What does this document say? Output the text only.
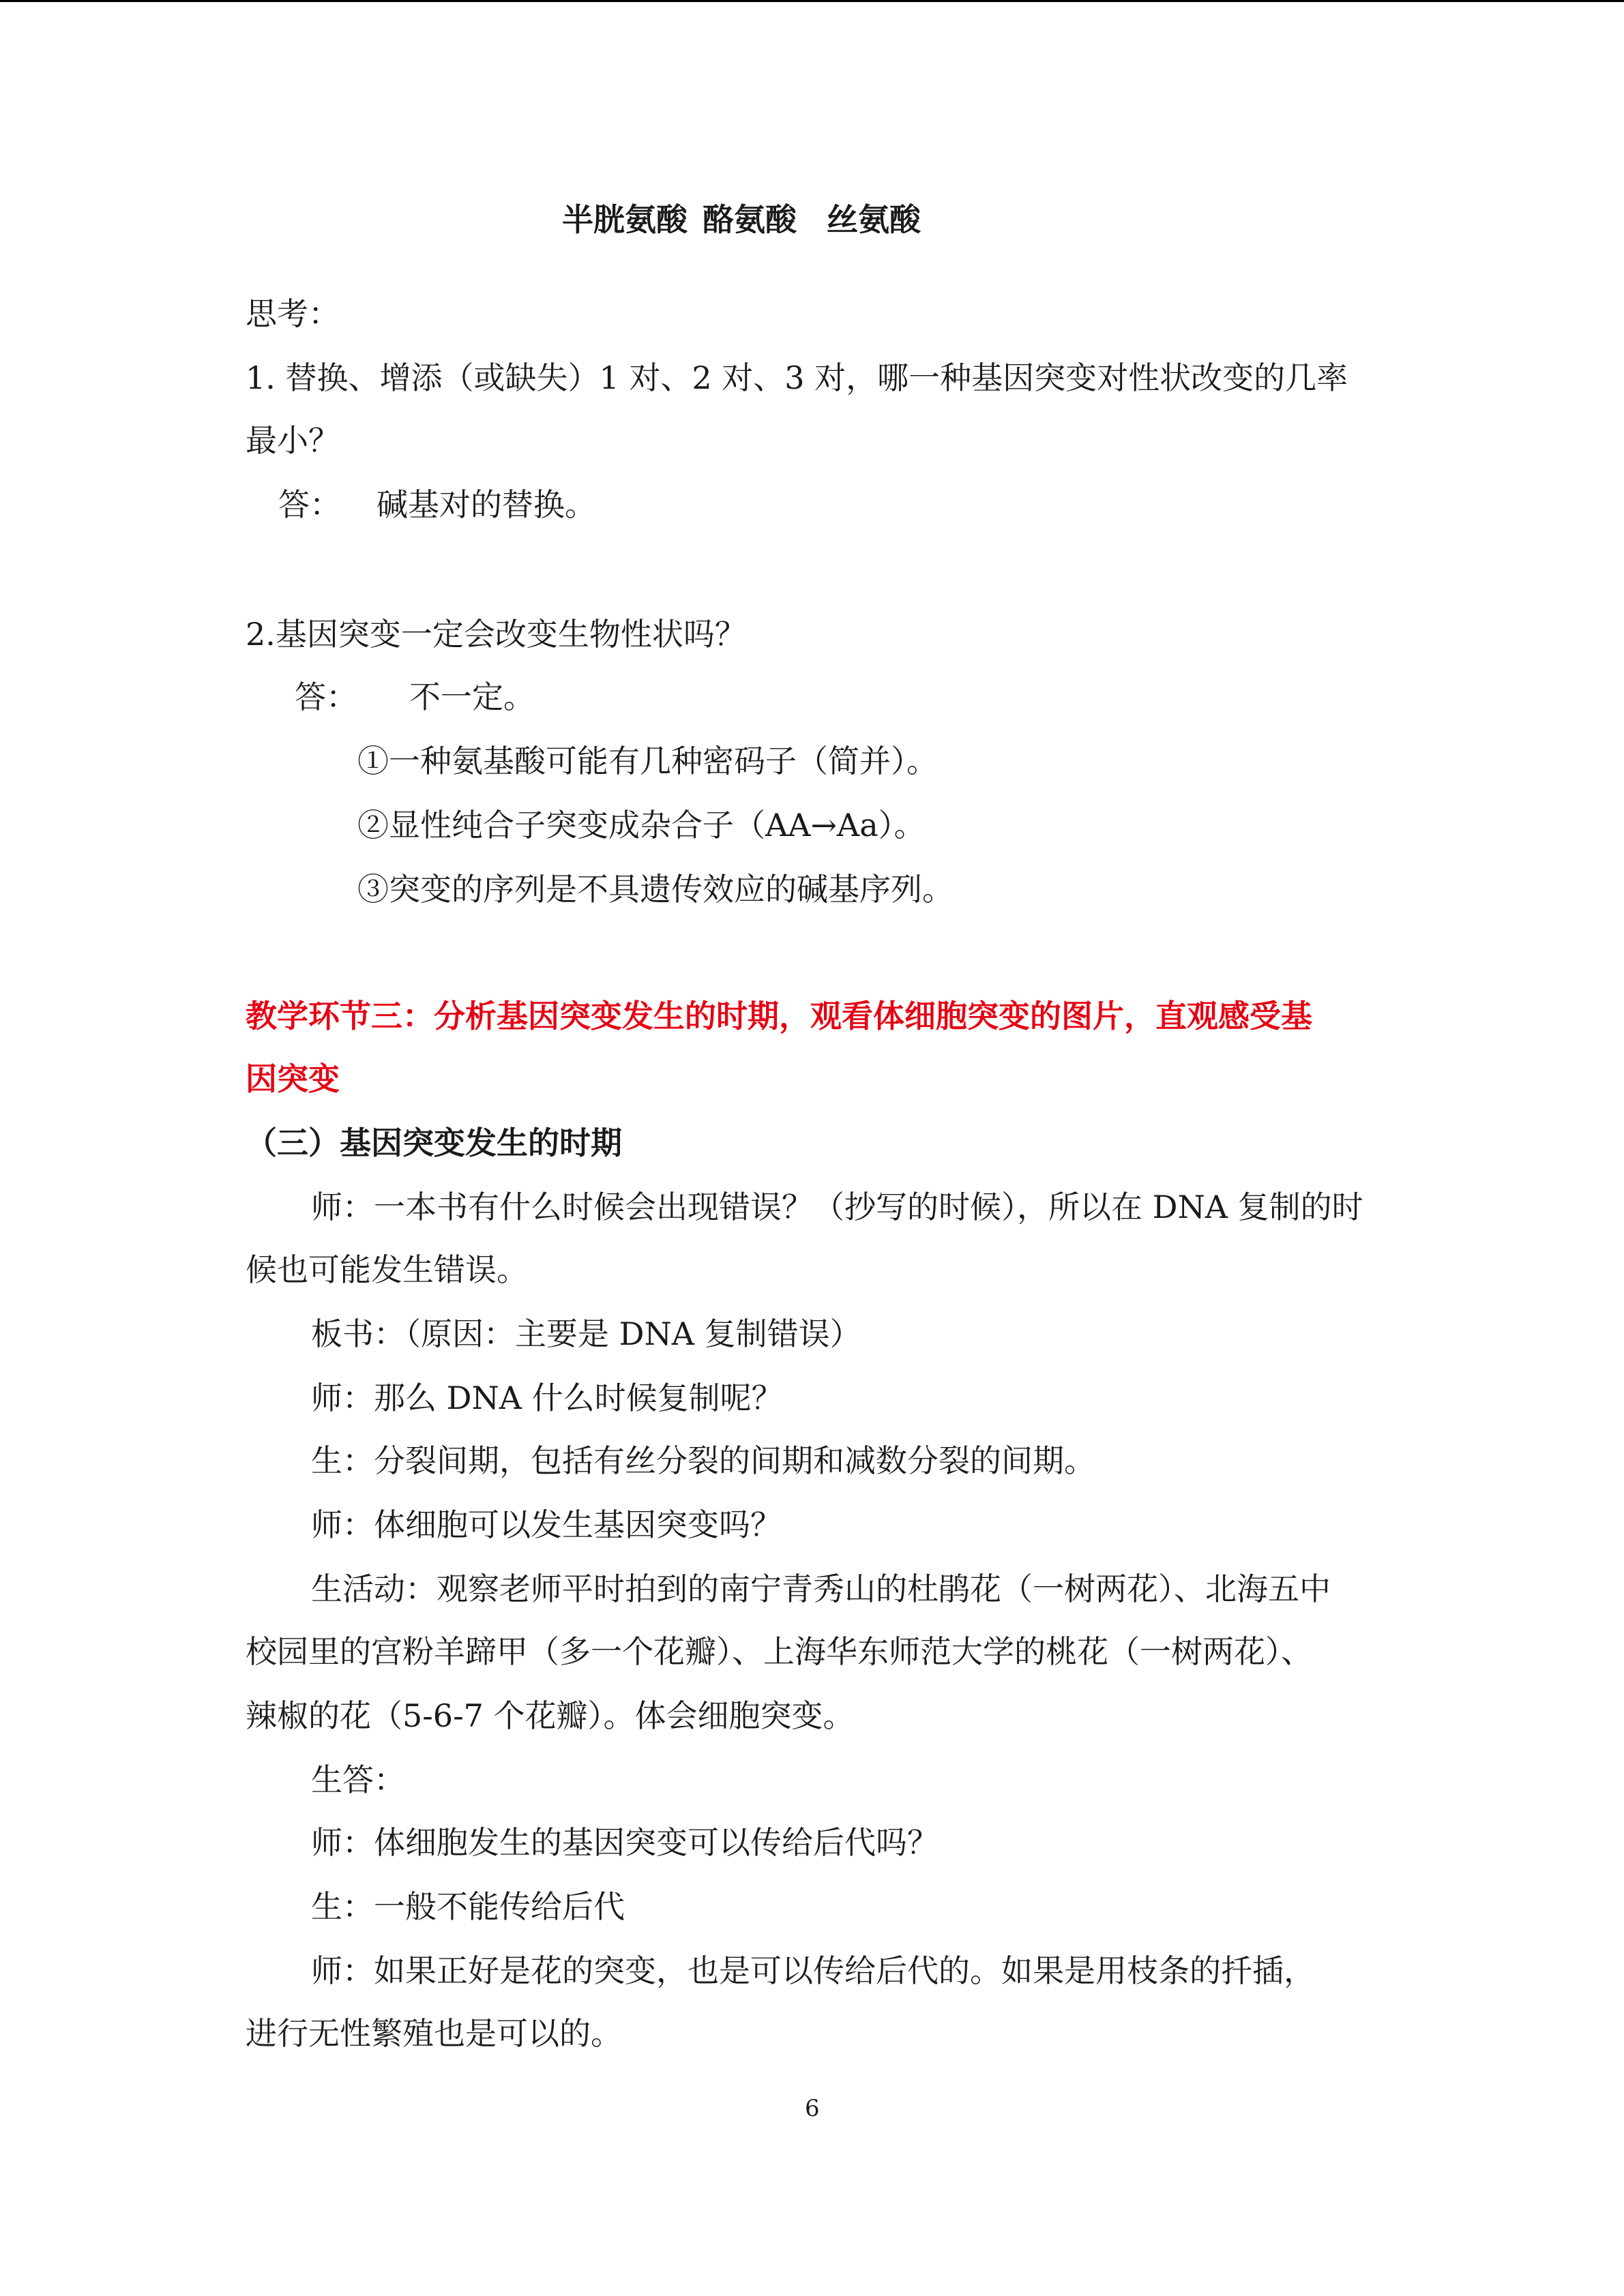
半胱氨酸 酪氨酸 丝氨酸
思考：
1. 替换、增添（或缺失）1 对、2 对、3 对，哪一种基因突变对性状改变的几率
最小？
答： 碱基对的替换。
2.基因突变一定会改变生物性状吗？
答： 不一定。
①一种氨基酸可能有几种密码子（简并）。
②显性纯合子突变成杂合子（AA→Aa）。
③突变的序列是不具遗传效应的碱基序列。
教学环节三：分析基因突变发生的时期，观看体细胞突变的图片，直观感受基
因突变
（三）基因突变发生的时期
师：一本书有什么时候会出现错误？（抄写的时候），所以在 DNA 复制的时
候也可能发生错误。
板书：（原因：主要是 DNA 复制错误）
师：那么 DNA 什么时候复制呢？
生：分裂间期，包括有丝分裂的间期和减数分裂的间期。
师：体细胞可以发生基因突变吗？
生活动：观察老师平时拍到的南宁青秀山的杜鹃花（一树两花）、北海五中
校园里的宫粉羊蹄甲（多一个花瓣）、上海华东师范大学的桃花（一树两花）、
辣椒的花（5-6-7 个花瓣）。体会细胞突变。
生答：
师：体细胞发生的基因突变可以传给后代吗？
生：一般不能传给后代
师：如果正好是花的突变，也是可以传给后代的。如果是用枝条的扦插，
进行无性繁殖也是可以的。
6
